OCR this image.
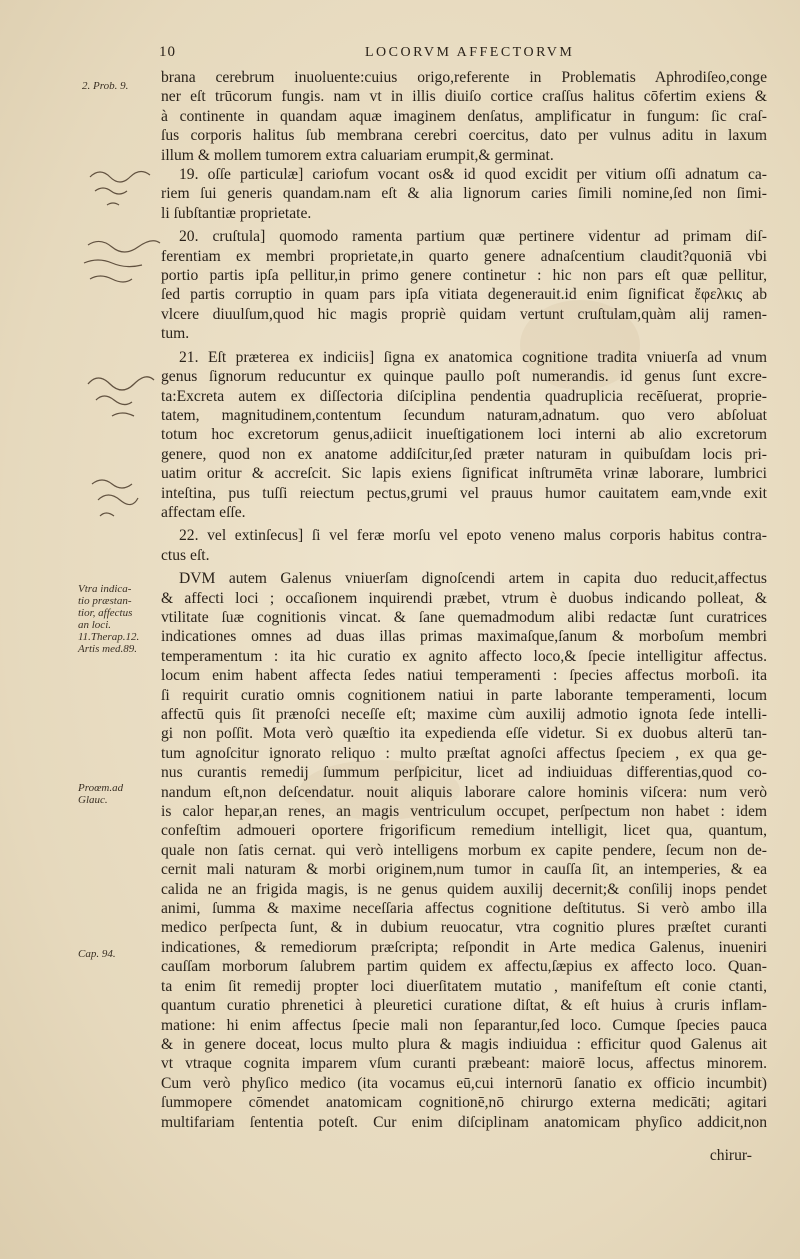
10	LOCORVM AFFECTORVM
2. Prob. 9.
Vtra indica-
tio præstan-
tior, affectus
an loci.
11.Therap.12.
Artis med.89.
Proœm.ad
Glauc.
Cap. 94.
brana cerebrum inuoluente:cuius origo,referente in Problematis Aphrodiſeo,conge
ner eſt trūcorum fungis. nam vt in illis diuiſo cortice craſſus halitus cōfertim exiens &
à continente in quandam aquæ imaginem denſatus, amplificatur in fungum: ſic craſ-
ſus corporis halitus ſub membrana cerebri coercitus, dato per vulnus aditu in laxum
illum & mollem tumorem extra caluariam erumpit,& germinat.
19. oſſe particulæ] cariofum vocant os& id quod excidit per vitium oſſi adnatum ca-
riem ſui generis quandam.nam eſt & alia lignorum caries ſimili nomine,ſed non ſimi-
li ſubſtantiæ proprietate.
20. cruſtula] quomodo ramenta partium quæ pertinere videntur ad primam diſ-
ferentiam ex membri proprietate,in quarto genere adnaſcentium claudit?quoniā vbi
portio partis ipſa pellitur,in primo genere continetur : hic non pars eſt quæ pellitur,
ſed partis corruptio in quam pars ipſa vitiata degenerauit.id enim ſignificat ἔφελκις ab
vlcere diuulſum,quod hic magis propriè quidam vertunt cruſtulam,quàm alij ramen-
tum.
21. Eſt præterea ex indiciis] ſigna ex anatomica cognitione tradita vniuerſa ad vnum
genus ſignorum reducuntur ex quinque paullo poſt numerandis. id genus ſunt excre-
ta:Excreta autem ex diſſectoria diſciplina pendentia quadruplicia recēſuerat, proprie-
tatem, magnitudinem,contentum ſecundum naturam,adnatum. quo vero abſoluat
totum hoc excretorum genus,adiicit inueſtigationem loci interni ab alio excretorum
genere, quod non ex anatome addiſcitur,ſed præter naturam in quibuſdam locis pri-
uatim oritur & accreſcit. Sic lapis exiens ſignificat inſtrumēta vrinæ laborare, lumbrici
inteſtina, pus tuſſi reiectum pectus,grumi vel prauus humor cauitatem eam,vnde exit
affectam eſſe.
22. vel extinſecus] ſi vel feræ morſu vel epoto veneno malus corporis habitus contra-
ctus eſt.
DVM autem Galenus vniuerſam dignoſcendi artem in capita duo reducit,affectus
& affecti loci ; occaſionem inquirendi præbet, vtrum è duobus indicando polleat, &
vtilitate ſuæ cognitionis vincat. & ſane quemadmodum alibi redactæ ſunt curatrices
indicationes omnes ad duas illas primas maximaſque,ſanum & morboſum membri
temperamentum : ita hic curatio ex agnito affecto loco,& ſpecie intelligitur affectus.
locum enim habent affecta ſedes natiui temperamenti : ſpecies affectus morboſi. ita
ſi requirit curatio omnis cognitionem natiui in parte laborante temperamenti, locum
affectū quis ſit prænoſci neceſſe eſt; maxime cùm auxilij admotio ignota ſede intelli-
gi non poſſit. Mota verò quæſtio ita expedienda eſſe videtur. Si ex duobus alterū tan-
tum agnoſcitur ignorato reliquo : multo præſtat agnoſci affectus ſpeciem , ex qua ge-
nus curantis remedij ſummum perſpicitur, licet ad indiuiduas differentias,quod co-
nandum eſt,non deſcendatur. nouit aliquis laborare calore hominis viſcera: num verò
is calor hepar,an renes, an magis ventriculum occupet, perſpectum non habet : idem
confeſtim admoueri oportere frigorificum remedium intelligit, licet qua, quantum,
quale non ſatis cernat. qui verò intelligens morbum ex capite pendere, ſecum non de-
cernit mali naturam & morbi originem,num tumor in cauſſa ſit, an intemperies, & ea
calida ne an frigida magis, is ne genus quidem auxilij decernit;& conſilij inops pendet
animi, ſumma & maxime neceſſaria affectus cognitione deſtitutus. Si verò ambo illa
medico perſpecta ſunt, & in dubium reuocatur, vtra cognitio plures præſtet curanti
indicationes, & remediorum præſcripta; reſpondit in Arte medica Galenus, inueniri
cauſſam morborum ſalubrem partim quidem ex affectu,ſæpius ex affecto loco. Quan-
ta enim ſit remedij propter loci diuerſitatem mutatio , manifeſtum eſt conie ctanti,
quantum curatio phrenetici à pleuretici curatione diſtat, & eſt huius à cruris inflam-
matione: hi enim affectus ſpecie mali non ſeparantur,ſed loco. Cumque ſpecies pauca
& in genere doceat, locus multo plura & magis indiuidua : efficitur quod Galenus ait
vt vtraque cognita imparem vſum curanti præbeant: maiorē locus, affectus minorem.
Cum verò phyſico medico (ita vocamus eū,cui internorū ſanatio ex officio incumbit)
ſummopere cōmendet anatomicam cognitionē,nō chirurgo externa medicāti; agitari
multifariam ſententia poteſt. Cur enim diſciplinam anatomicam phyſico addicit,non
chirur-
